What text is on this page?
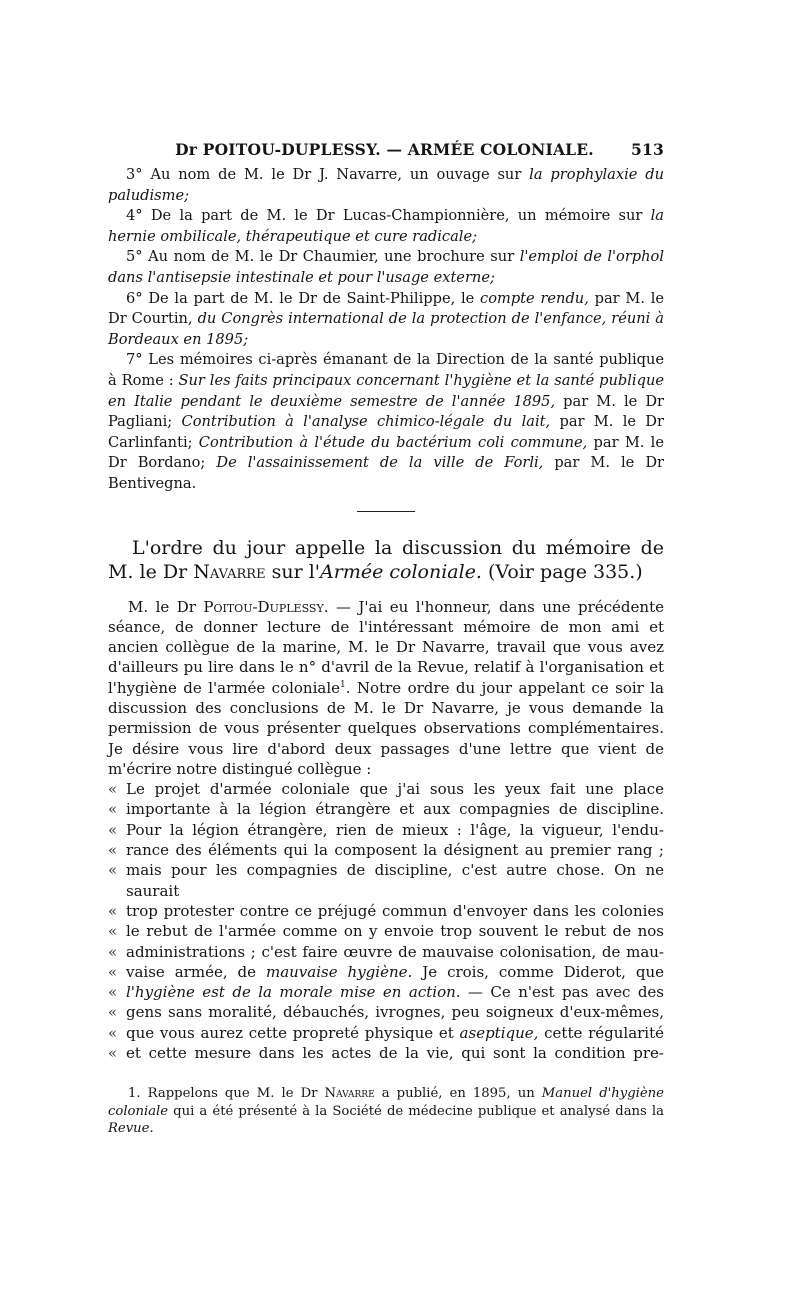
Dr POITOU-DUPLESSY. — ARMÉE COLONIALE.	513

3° Au nom de M. le Dr J. Navarre, un ouvage sur la prophylaxie du paludisme;

4° De la part de M. le Dr Lucas-Championnière, un mémoire sur la hernie ombilicale, thérapeutique et cure radicale;

5° Au nom de M. le Dr Chaumier, une brochure sur l'emploi de l'orphol dans l'antisepsie intestinale et pour l'usage externe;

6° De la part de M. le Dr de Saint-Philippe, le compte rendu, par M. le Dr Courtin, du Congrès international de la protection de l'enfance, réuni à Bordeaux en 1895;

7° Les mémoires ci-après émanant de la Direction de la santé publique à Rome : Sur les faits principaux concernant l'hygiène et la santé publique en Italie pendant le deuxième semestre de l'année 1895, par M. le Dr Pagliani; Contribution à l'analyse chimico-légale du lait, par M. le Dr Carlinfanti; Contribution à l'étude du bactérium coli commune, par M. le Dr Bordano; De l'assainissement de la ville de Forli, par M. le Dr Bentivegna.

L'ordre du jour appelle la discussion du mémoire de M. le Dr Navarre sur l'Armée coloniale. (Voir page 335.)

M. le Dr Poitou-Duplessy. — J'ai eu l'honneur, dans une précédente séance, de donner lecture de l'intéressant mémoire de mon ami et ancien collègue de la marine, M. le Dr Navarre, travail que vous avez d'ailleurs pu lire dans le n° d'avril de la Revue, relatif à l'organisation et l'hygiène de l'armée coloniale$^1$. Notre ordre du jour appelant ce soir la discussion des conclusions de M. le Dr Navarre, je vous demande la permission de vous présenter quelques observations complémentaires. Je désire vous lire d'abord deux passages d'une lettre que vient de m'écrire notre distingué collègue :

« Le projet d'armée coloniale que j'ai sous les yeux fait une place
« importante à la légion étrangère et aux compagnies de discipline.
« Pour la légion étrangère, rien de mieux : l'âge, la vigueur, l'endu-
« rance des éléments qui la composent la désignent au premier rang ;
« mais pour les compagnies de discipline, c'est autre chose. On ne saurait
« trop protester contre ce préjugé commun d'envoyer dans les colonies
« le rebut de l'armée comme on y envoie trop souvent le rebut de nos
« administrations ; c'est faire œuvre de mauvaise colonisation, de mau-
« vaise armée, de mauvaise hygiène. Je crois, comme Diderot, que
« l'hygiène est de la morale mise en action. — Ce n'est pas avec des
« gens sans moralité, débauchés, ivrognes, peu soigneux d'eux-mêmes,
« que vous aurez cette propreté physique et aseptique, cette régularité
« et cette mesure dans les actes de la vie, qui sont la condition pre-

1. Rappelons que M. le Dr Navarre a publié, en 1895, un Manuel d'hygiène coloniale qui a été présenté à la Société de médecine publique et analysé dans la Revue.
